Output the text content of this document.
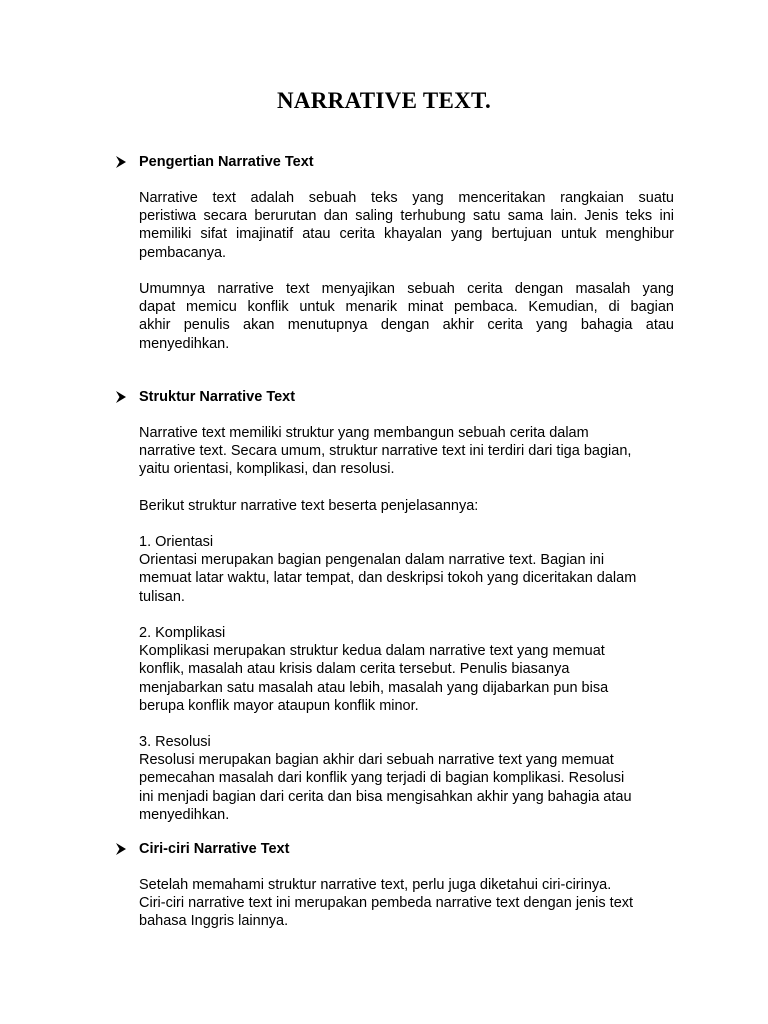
NARRATIVE TEXT.
Pengertian Narrative Text
Narrative text adalah sebuah teks yang menceritakan rangkaian suatu
peristiwa secara berurutan dan saling terhubung satu sama lain. Jenis teks ini
memiliki sifat imajinatif atau cerita khayalan yang bertujuan untuk menghibur
pembacanya.
Umumnya narrative text menyajikan sebuah cerita dengan masalah yang
dapat memicu konflik untuk menarik minat pembaca. Kemudian, di bagian
akhir penulis akan menutupnya dengan akhir cerita yang bahagia atau
menyedihkan.
Struktur Narrative Text
Narrative text memiliki struktur yang membangun sebuah cerita dalam
narrative text. Secara umum, struktur narrative text ini terdiri dari tiga bagian,
yaitu orientasi, komplikasi, dan resolusi.
Berikut struktur narrative text beserta penjelasannya:
1. Orientasi
Orientasi merupakan bagian pengenalan dalam narrative text. Bagian ini
memuat latar waktu, latar tempat, dan deskripsi tokoh yang diceritakan dalam
tulisan.
2. Komplikasi
Komplikasi merupakan struktur kedua dalam narrative text yang memuat
konflik, masalah atau krisis dalam cerita tersebut. Penulis biasanya
menjabarkan satu masalah atau lebih, masalah yang dijabarkan pun bisa
berupa konflik mayor ataupun konflik minor.
3. Resolusi
Resolusi merupakan bagian akhir dari sebuah narrative text yang memuat
pemecahan masalah dari konflik yang terjadi di bagian komplikasi. Resolusi
ini menjadi bagian dari cerita dan bisa mengisahkan akhir yang bahagia atau
menyedihkan.
Ciri-ciri Narrative Text
Setelah memahami struktur narrative text, perlu juga diketahui ciri-cirinya.
Ciri-ciri narrative text ini merupakan pembeda narrative text dengan jenis text
bahasa Inggris lainnya.
